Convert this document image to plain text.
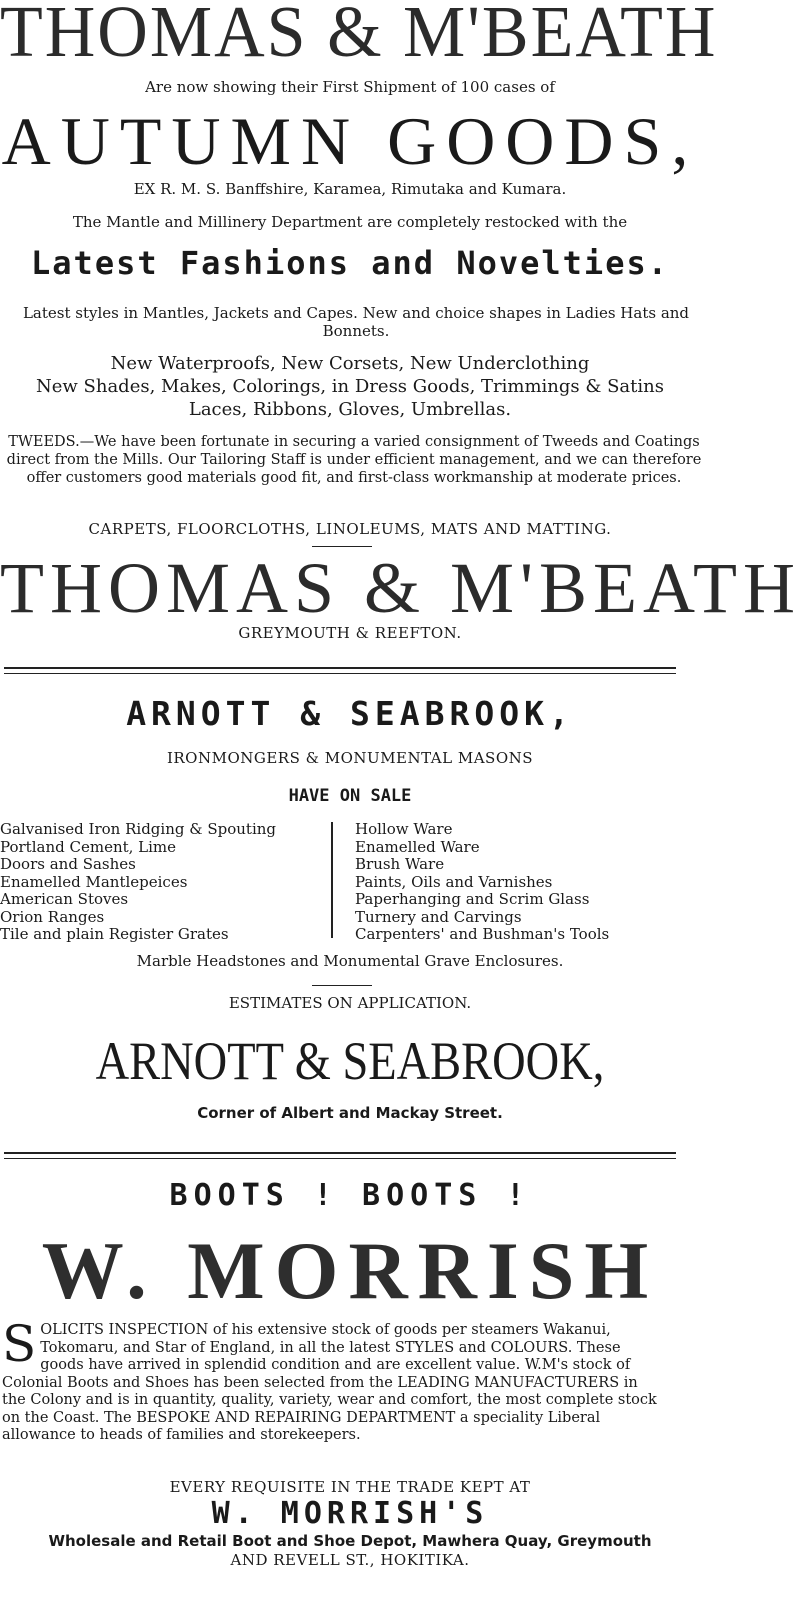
THOMAS & M'BEATH
Are now showing their First Shipment of 100 cases of
AUTUMN GOODS,
EX R. M. S. Banffshire, Karamea, Rimutaka and Kumara.
The Mantle and Millinery Department are completely restocked with the
Latest Fashions and Novelties.
Latest styles in Mantles, Jackets and Capes. New and choice shapes in Ladies Hats and Bonnets.
New Waterproofs, New Corsets, New Underclothing
New Shades, Makes, Colorings, in Dress Goods, Trimmings & Satins
Laces, Ribbons, Gloves, Umbrellas.
TWEEDS.—We have been fortunate in securing a varied consignment of Tweeds and Coatings direct from the Mills. Our Tailoring Staff is under efficient management, and we can therefore offer customers good materials good fit, and first-class workmanship at moderate prices.
CARPETS, FLOORCLOTHS, LINOLEUMS, MATS AND MATTING.
THOMAS & M'BEATH
GREYMOUTH & REEFTON.
ARNOTT & SEABROOK,
IRONMONGERS & MONUMENTAL MASONS
HAVE ON SALE
Galvanised Iron Ridging & Spouting
Portland Cement, Lime
Doors and Sashes
Enamelled Mantlepeices
American Stoves
Orion Ranges
Tile and plain Register Grates
Hollow Ware
Enamelled Ware
Brush Ware
Paints, Oils and Varnishes
Paperhanging and Scrim Glass
Turnery and Carvings
Carpenters' and Bushman's Tools
Marble Headstones and Monumental Grave Enclosures.
ESTIMATES ON APPLICATION.
ARNOTT & SEABROOK,
Corner of Albert and Mackay Street.
BOOTS ! BOOTS !
W. MORRISH
S OLICITS INSPECTION of his extensive stock of goods per steamers Wakanui, Tokomaru, and Star of England, in all the latest STYLES and COLOURS. These goods have arrived in splendid condition and are excellent value. W.M's stock of Colonial Boots and Shoes has been selected from the LEADING MANUFACTURERS in the Colony and is in quantity, quality, variety, wear and comfort, the most complete stock on the Coast. The BESPOKE AND REPAIRING DEPARTMENT a speciality Liberal allowance to heads of families and storekeepers.
EVERY REQUISITE IN THE TRADE KEPT AT
W. MORRISH'S
Wholesale and Retail Boot and Shoe Depot, Mawhera Quay, Greymouth
AND REVELL ST., HOKITIKA.
